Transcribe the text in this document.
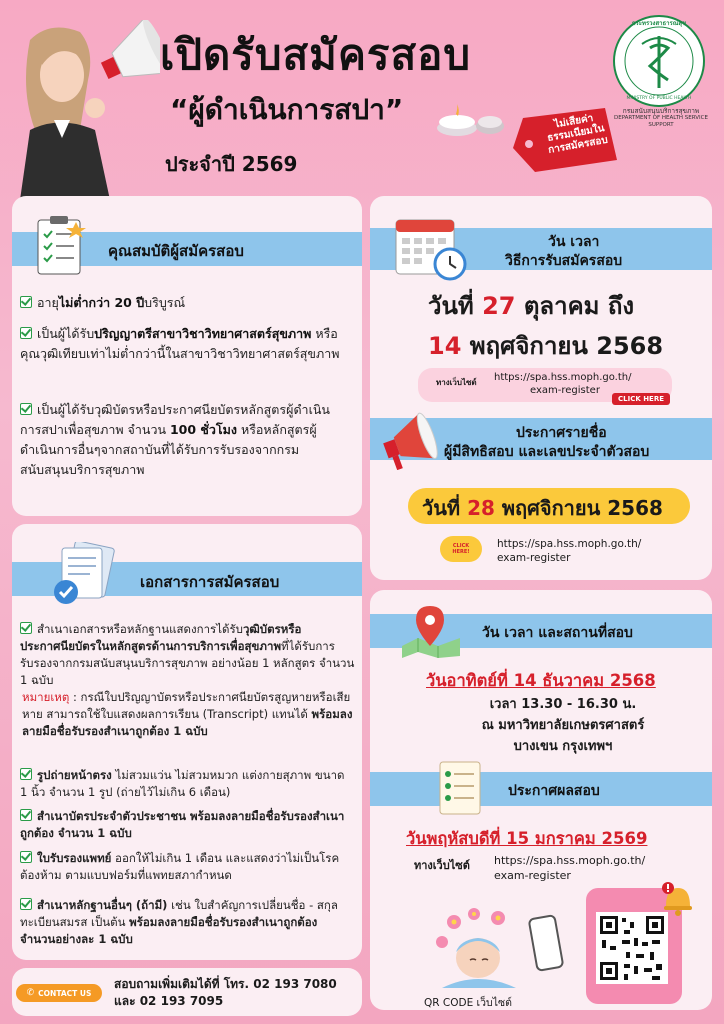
เปิดรับสมัครสอบ
“ผู้ดำเนินการสปา”
ประจำปี 2569
ไม่เสียค่าธรรมเนียมในการสมัครสอบ
กระทรวงสาธารณสุข
MINISTRY OF PUBLIC HEALTH
กรมสนับสนุนบริการสุขภาพ
DEPARTMENT OF HEALTH SERVICE SUPPORT
คุณสมบัติผู้สมัครสอบ
อายุไม่ต่ำกว่า 20 ปีบริบูรณ์
เป็นผู้ได้รับปริญญาตรีสาขาวิชาวิทยาศาสตร์สุขภาพ หรือคุณวุฒิเทียบเท่าไม่ต่ำกว่านี้ในสาขาวิชาวิทยาศาสตร์สุขภาพ
เป็นผู้ได้รับวุฒิบัตรหรือประกาศนียบัตรหลักสูตรผู้ดำเนินการสปาเพื่อสุขภาพ จำนวน 100 ชั่วโมง หรือหลักสูตรผู้ดำเนินการอื่นๆจากสถาบันที่ได้รับการรับรองจากกรมสนับสนุนบริการสุขภาพ
เอกสารการสมัครสอบ
สำเนาเอกสารหรือหลักฐานแสดงการได้รับวุฒิบัตรหรือประกาศนียบัตรในหลักสูตรด้านการบริการเพื่อสุขภาพที่ได้รับการรับรองจากกรมสนับสนุนบริการสุขภาพ อย่างน้อย 1 หลักสูตร จำนวน 1 ฉบับ
หมายเหตุ : กรณีใบปริญญาบัตรหรือประกาศนียบัตรสูญหายหรือเสียหาย สามารถใช้ใบแสดงผลการเรียน (Transcript) แทนได้ พร้อมลงลายมือชื่อรับรองสำเนาถูกต้อง 1 ฉบับ
รูปถ่ายหน้าตรง ไม่สวมแว่น ไม่สวมหมวก แต่งกายสุภาพ ขนาด 1 นิ้ว จำนวน 1 รูป (ถ่ายไว้ไม่เกิน 6 เดือน)
สำเนาบัตรประจำตัวประชาชน พร้อมลงลายมือชื่อรับรองสำเนาถูกต้อง จำนวน 1 ฉบับ
ใบรับรองแพทย์ ออกให้ไม่เกิน 1 เดือน และแสดงว่าไม่เป็นโรคต้องห้าม ตามแบบฟอร์มที่แพทยสภากำหนด
สำเนาหลักฐานอื่นๆ (ถ้ามี) เช่น ใบสำคัญการเปลี่ยนชื่อ - สกุล ทะเบียนสมรส เป็นต้น พร้อมลงลายมือชื่อรับรองสำเนาถูกต้อง จำนวนอย่างละ 1 ฉบับ
✆ CONTACT US
สอบถามเพิ่มเติมได้ที่ โทร. 02 193 7080
และ 02 193 7095
วัน เวลา
วิธีการรับสมัครสอบ
วันที่ 27 ตุลาคม ถึง
14 พฤศจิกายน 2568
ทางเว็บไซต์ https://spa.hss.moph.go.th/
exam-register
CLICK HERE
ประกาศรายชื่อ
ผู้มีสิทธิสอบ และเลขประจำตัวสอบ
วันที่ 28 พฤศจิกายน 2568
CLICK HERE!
https://spa.hss.moph.go.th/
exam-register
วัน เวลา และสถานที่สอบ
วันอาทิตย์ที่ 14 ธันวาคม 2568
เวลา 13.30 - 16.30 น.
ณ มหาวิทยาลัยเกษตรศาสตร์
บางเขน กรุงเทพฯ
ประกาศผลสอบ
วันพฤหัสบดีที่ 15 มกราคม 2569
ทางเว็บไซต์ https://spa.hss.moph.go.th/
exam-register
QR CODE เว็บไซต์
